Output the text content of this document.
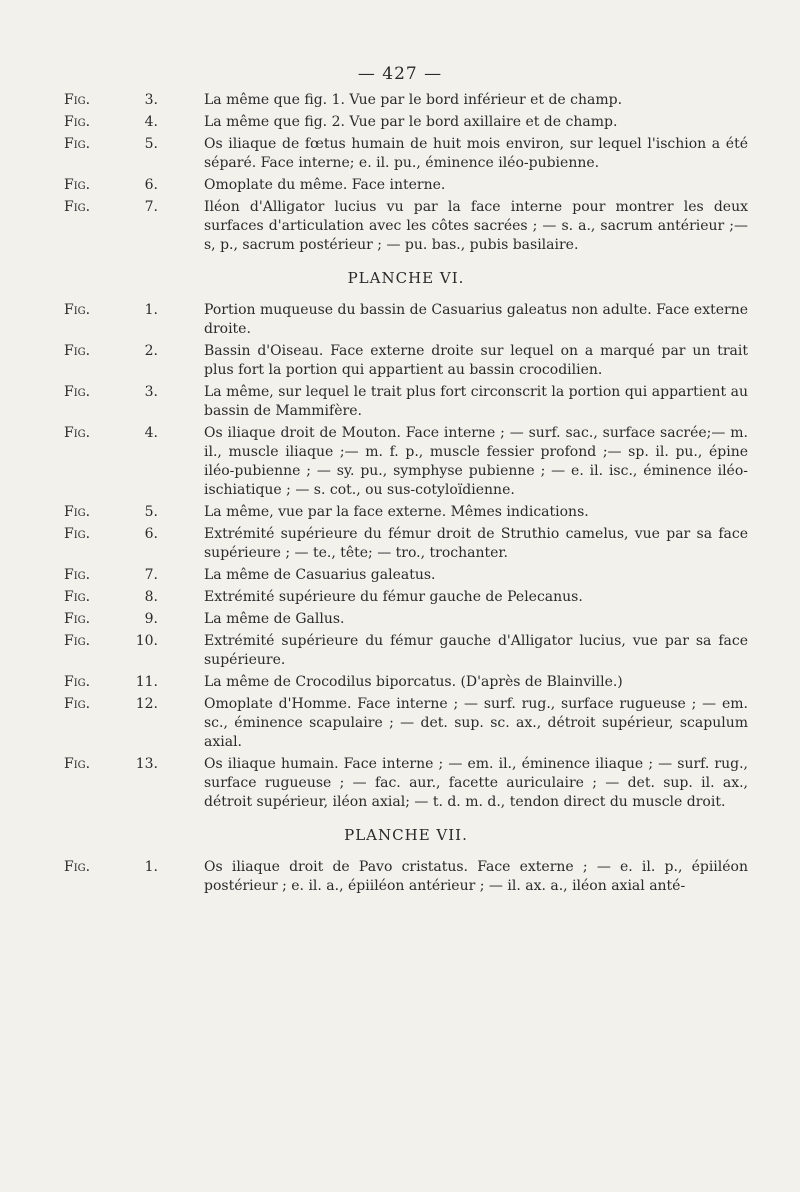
— 427 —
Fig.	3.	La même que fig. 1. Vue par le bord inférieur et de champ.
Fig.	4.	La même que fig. 2. Vue par le bord axillaire et de champ.
Fig.	5.	Os iliaque de fœtus humain de huit mois environ, sur lequel l'ischion a été séparé. Face interne; e. il. pu., éminence iléo-pubienne.
Fig.	6.	Omoplate du même. Face interne.
Fig.	7.	Iléon d'Alligator lucius vu par la face interne pour montrer les deux surfaces d'articulation avec les côtes sacrées ; — s. a., sacrum antérieur ;— s, p., sacrum postérieur ; — pu. bas., pubis basilaire.
PLANCHE VI.
Fig.	1.	Portion muqueuse du bassin de Casuarius galeatus non adulte. Face externe droite.
Fig.	2.	Bassin d'Oiseau. Face externe droite sur lequel on a marqué par un trait plus fort la portion qui appartient au bassin crocodilien.
Fig.	3.	La même, sur lequel le trait plus fort circonscrit la portion qui appartient au bassin de Mammifère.
Fig.	4.	Os iliaque droit de Mouton. Face interne ; — surf. sac., surface sacrée;— m. il., muscle iliaque ;— m. f. p., muscle fessier profond ;— sp. il. pu., épine iléo-pubienne ; — sy. pu., symphyse pubienne ; — e. il. isc., éminence iléo-ischiatique ; — s. cot., ou sus-cotyloïdienne.
Fig.	5.	La même, vue par la face externe. Mêmes indications.
Fig.	6.	Extrémité supérieure du fémur droit de Struthio camelus, vue par sa face supérieure ; — te., tête; — tro., trochanter.
Fig.	7.	La même de Casuarius galeatus.
Fig.	8.	Extrémité supérieure du fémur gauche de Pelecanus.
Fig.	9.	La même de Gallus.
Fig.	10.	Extrémité supérieure du fémur gauche d'Alligator lucius, vue par sa face supérieure.
Fig.	11.	La même de Crocodilus biporcatus. (D'après de Blainville.)
Fig.	12.	Omoplate d'Homme. Face interne ; — surf. rug., surface rugueuse ; — em. sc., éminence scapulaire ; — det. sup. sc. ax., détroit supérieur, scapulum axial.
Fig.	13.	Os iliaque humain. Face interne ; — em. il., éminence iliaque ; — surf. rug., surface rugueuse ; — fac. aur., facette auriculaire ; — det. sup. il. ax., détroit supérieur, iléon axial; — t. d. m. d., tendon direct du muscle droit.
PLANCHE VII.
Fig.	1.	Os iliaque droit de Pavo cristatus. Face externe ; — e. il. p., épiiléon postérieur ; e. il. a., épiiléon antérieur ; — il. ax. a., iléon axial anté-
